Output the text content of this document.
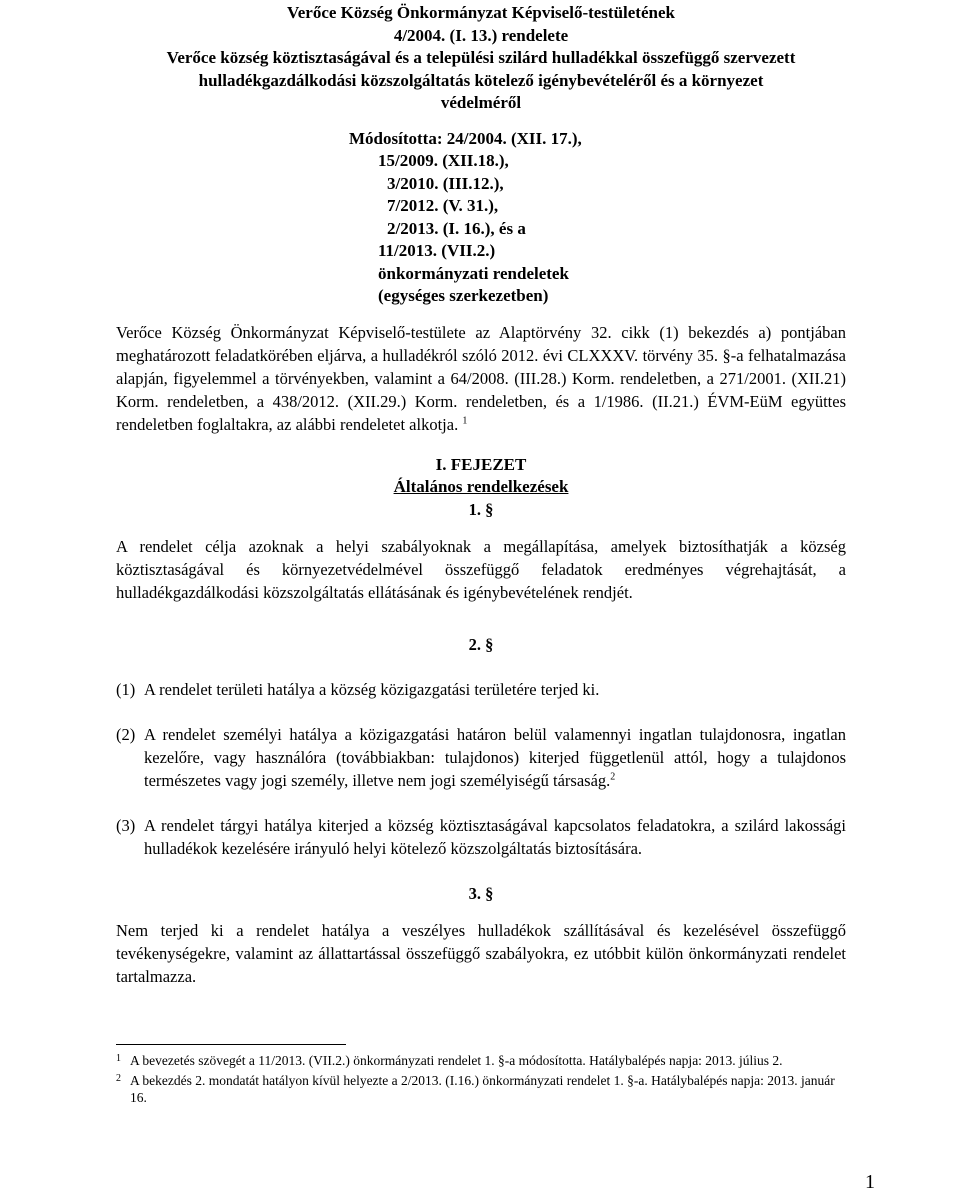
Verőce Község Önkormányzat Képviselő-testületének
4/2004. (I. 13.) rendelete
Verőce község köztisztaságával és a települési szilárd hulladékkal összefüggő szervezett
hulladékgazdálkodási közszolgáltatás kötelező igénybevételéről és a környezet
védelméről
Módosította: 24/2004. (XII. 17.),
15/2009. (XII.18.),
3/2010. (III.12.),
7/2012. (V. 31.),
2/2013. (I. 16.), és a
11/2013. (VII.2.)
önkormányzati rendeletek
(egységes szerkezetben)
Verőce Község Önkormányzat Képviselő-testülete az Alaptörvény 32. cikk (1) bekezdés a) pontjában meghatározott feladatkörében eljárva, a hulladékról szóló 2012. évi CLXXXV. törvény 35. §-a felhatalmazása alapján, figyelemmel a törvényekben, valamint a 64/2008. (III.28.) Korm. rendeletben, a 271/2001. (XII.21) Korm. rendeletben, a 438/2012. (XII.29.) Korm. rendeletben, és a 1/1986. (II.21.) ÉVM-EüM együttes rendeletben foglaltakra, az alábbi rendeletet alkotja. $^1$
I. FEJEZET
Általános rendelkezések
1. §
A rendelet célja azoknak a helyi szabályoknak a megállapítása, amelyek biztosíthatják a község köztisztaságával és környezetvédelmével összefüggő feladatok eredményes végrehajtását, a hulladékgazdálkodási közszolgáltatás ellátásának és igénybevételének rendjét.
2. §
(1) A rendelet területi hatálya a község közigazgatási területére terjed ki.
(2) A rendelet személyi hatálya a közigazgatási határon belül valamennyi ingatlan tulajdonosra, ingatlan kezelőre, vagy használóra (továbbiakban: tulajdonos) kiterjed függetlenül attól, hogy a tulajdonos természetes vagy jogi személy, illetve nem jogi személyiségű társaság.$^2$
(3) A rendelet tárgyi hatálya kiterjed a község köztisztaságával kapcsolatos feladatokra, a szilárd lakossági hulladékok kezelésére irányuló helyi kötelező közszolgáltatás biztosítására.
3. §
Nem terjed ki a rendelet hatálya a veszélyes hulladékok szállításával és kezelésével összefüggő tevékenységekre, valamint az állattartással összefüggő szabályokra, ez utóbbit külön önkormányzati rendelet tartalmazza.
1 A bevezetés szövegét a 11/2013. (VII.2.) önkormányzati rendelet 1. §-a módosította. Hatálybalépés napja: 2013. július 2.
2 A bekezdés 2. mondatát hatályon kívül helyezte a 2/2013. (I.16.) önkormányzati rendelet 1. §-a. Hatálybalépés napja: 2013. január 16.
1
